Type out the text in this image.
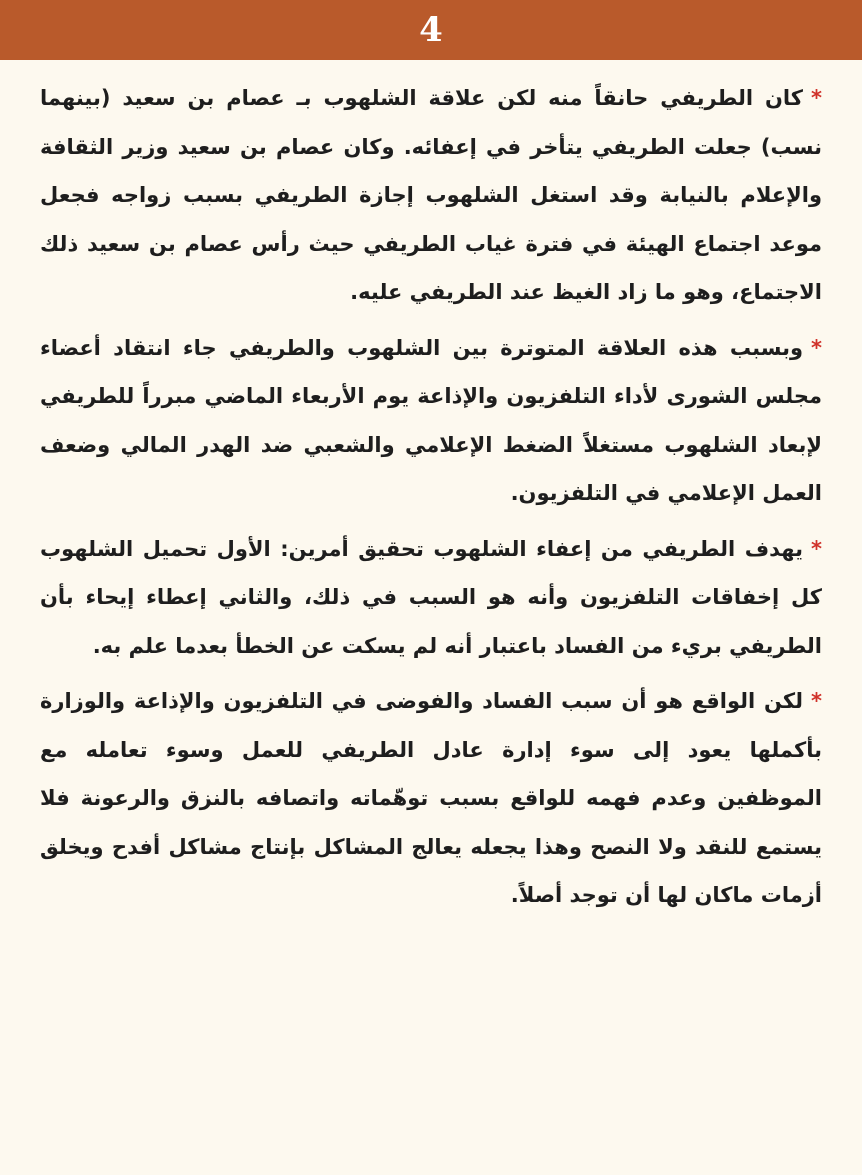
4

*كان الطريفي حانقاً منه لكن علاقة الشلهوب بـ عصام بن سعيد (بينهما نسب) جعلت الطريفي يتأخر في إعفائه. وكان عصام بن سعيد وزير الثقافة والإعلام بالنيابة وقد استغل الشلهوب إجازة الطريفي بسبب زواجه فجعل موعد اجتماع الهيئة في فترة غياب الطريفي حيث رأس عصام بن سعيد ذلك الاجتماع، وهو ما زاد الغيظ عند الطريفي عليه.

*وبسبب هذه العلاقة المتوترة بين الشلهوب والطريفي جاء انتقاد أعضاء مجلس الشورى لأداء التلفزيون والإذاعة يوم الأربعاء الماضي مبرراً للطريفي لإبعاد الشلهوب مستغلاً الضغط الإعلامي والشعبي ضد الهدر المالي وضعف العمل الإعلامي في التلفزيون.

*يهدف الطريفي من إعفاء الشلهوب تحقيق أمرين: الأول تحميل الشلهوب كل إخفاقات التلفزيون وأنه هو السبب في ذلك، والثاني إعطاء إيحاء بأن الطريفي بريء من الفساد باعتبار أنه لم يسكت عن الخطأ بعدما علم به.

*لكن الواقع هو أن سبب الفساد والفوضى في التلفزيون والإذاعة والوزارة بأكملها يعود إلى سوء إدارة عادل الطريفي للعمل وسوء تعامله مع الموظفين وعدم فهمه للواقع بسبب توهّماته واتصافه بالنزق والرعونة فلا يستمع للنقد ولا النصح وهذا يجعله يعالج المشاكل بإنتاج مشاكل أفدح ويخلق أزمات ماكان لها أن توجد أصلاً.
